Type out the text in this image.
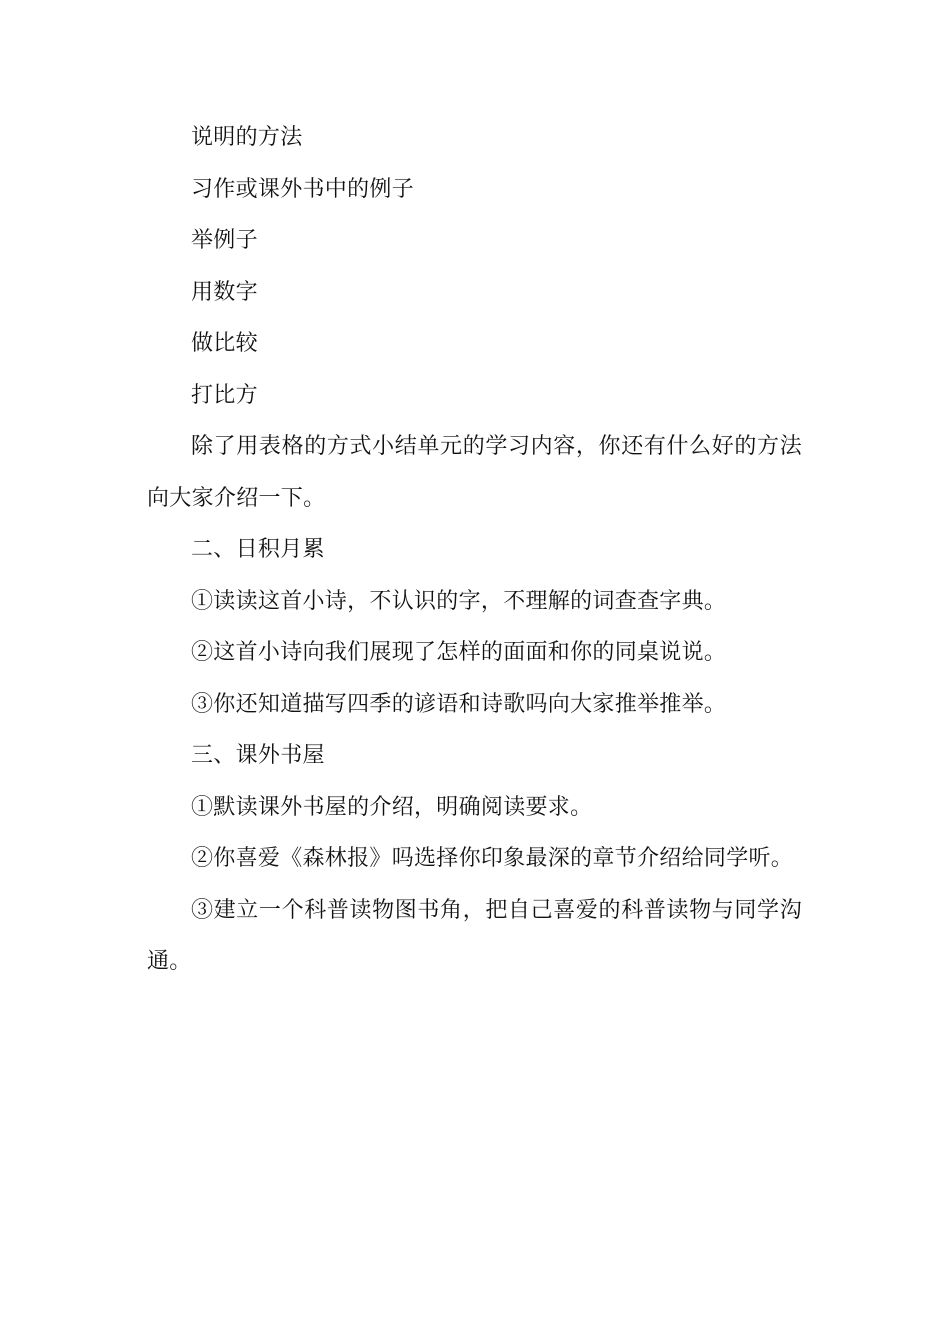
说明的方法

习作或课外书中的例子

举例子

用数字

做比较

打比方

除了用表格的方式小结单元的学习内容，你还有什么好的方法向大家介绍一下。

二、日积月累

①读读这首小诗，不认识的字，不理解的词查查字典。

②这首小诗向我们展现了怎样的面面和你的同桌说说。

③你还知道描写四季的谚语和诗歌吗向大家推举推举。

三、课外书屋

①默读课外书屋的介绍，明确阅读要求。

②你喜爱《森林报》吗选择你印象最深的章节介绍给同学听。

③建立一个科普读物图书角，把自己喜爱的科普读物与同学沟通。
